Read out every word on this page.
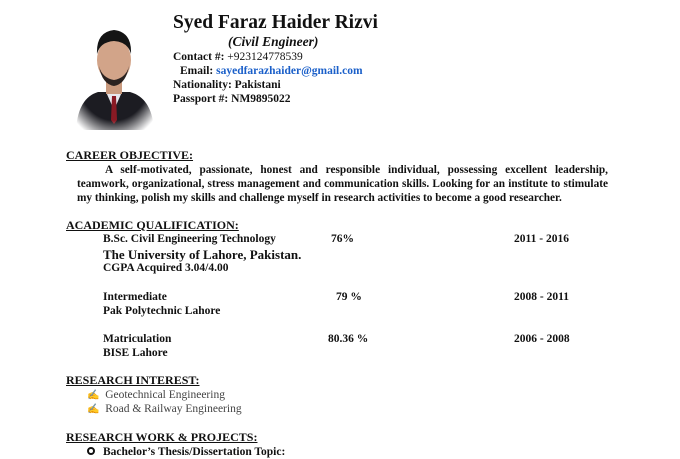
Syed Faraz Haider Rizvi
(Civil Engineer)
Contact #: +923124778539
Email: sayedfarazhaider@gmail.com
Nationality: Pakistani
Passport #: NM9895022
CAREER OBJECTIVE:
A self-motivated, passionate, honest and responsible individual, possessing excellent leadership, teamwork, organizational, stress management and communication skills. Looking for an institute to stimulate my thinking, polish my skills and challenge myself in research activities to become a good researcher.
ACADEMIC QUALIFICATION:
B.Sc. Civil Engineering Technology	76%	2011 - 2016
The University of Lahore, Pakistan.
CGPA Acquired 3.04/4.00
Intermediate	79 %	2008 - 2011
Pak Polytechnic Lahore
Matriculation	80.36 %	2006 - 2008
BISE Lahore
RESEARCH INTEREST:
✍ Geotechnical Engineering
✍ Road & Railway Engineering
RESEARCH WORK & PROJECTS:
Bachelor’s Thesis/Dissertation Topic:
